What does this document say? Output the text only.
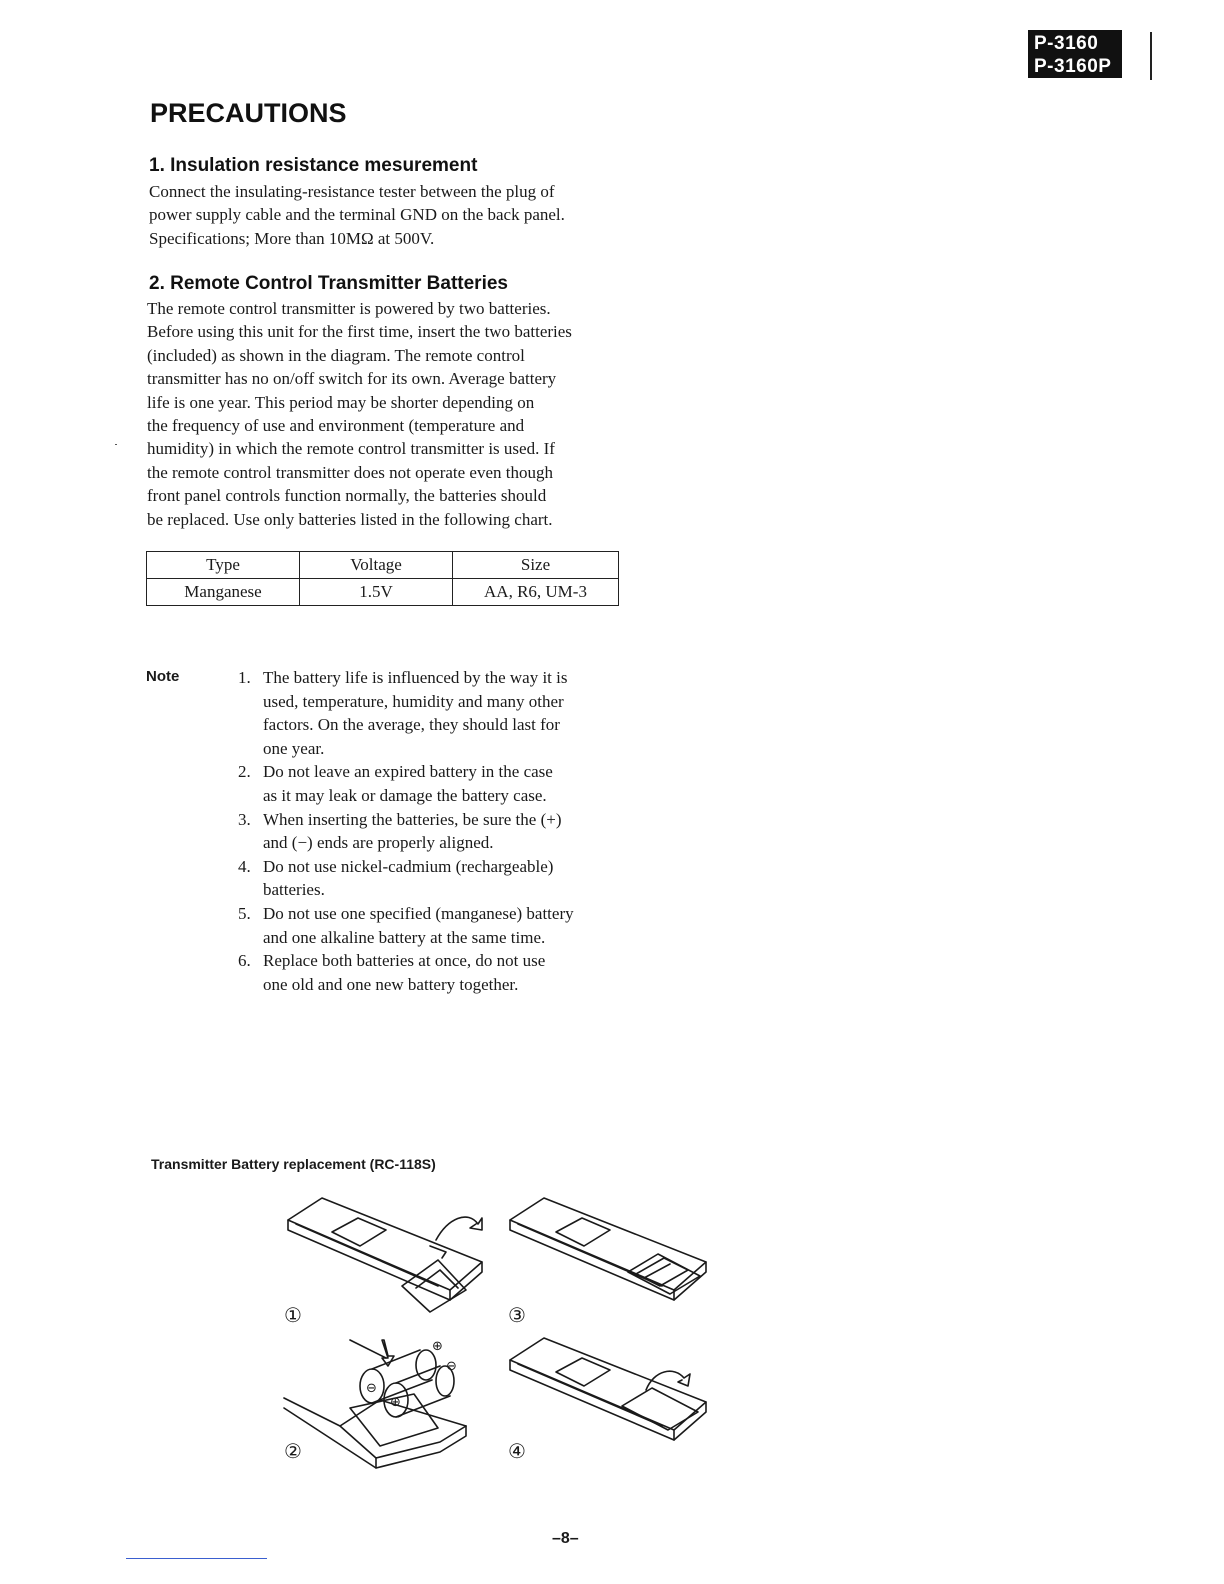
P-3160
P-3160P
PRECAUTIONS

1. Insulation resistance mesurement

Connect the insulating-resistance tester between the plug of
power supply cable and the terminal GND on the back panel.
Specifications; More than 10MΩ at 500V.

2. Remote Control Transmitter Batteries

The remote control transmitter is powered by two batteries.
Before using this unit for the first time, insert the two batteries
(included) as shown in the diagram. The remote control
transmitter has no on/off switch for its own. Average battery
life is one year. This period may be shorter depending on
the frequency of use and environment (temperature and
humidity) in which the remote control transmitter is used. If
the remote control transmitter does not operate even though
front panel controls function normally, the batteries should
be replaced. Use only batteries listed in the following chart.

Type	Voltage	Size
Manganese	1.5V	AA, R6, UM-3
Note	1. The battery life is influenced by the way it is
used, temperature, humidity and many other
factors. On the average, they should last for
one year.
2. Do not leave an expired battery in the case
as it may leak or damage the battery case.
3. When inserting the batteries, be sure the (+)
and (−) ends are properly aligned.
4. Do not use nickel-cadmium (rechargeable)
batteries.
5. Do not use one specified (manganese) battery
and one alkaline battery at the same time.
6. Replace both batteries at once, do not use
one old and one new battery together.
Transmitter Battery replacement (RC-118S)
①	③
⊖
⊕
⊕
⊖
②	④
–8–
